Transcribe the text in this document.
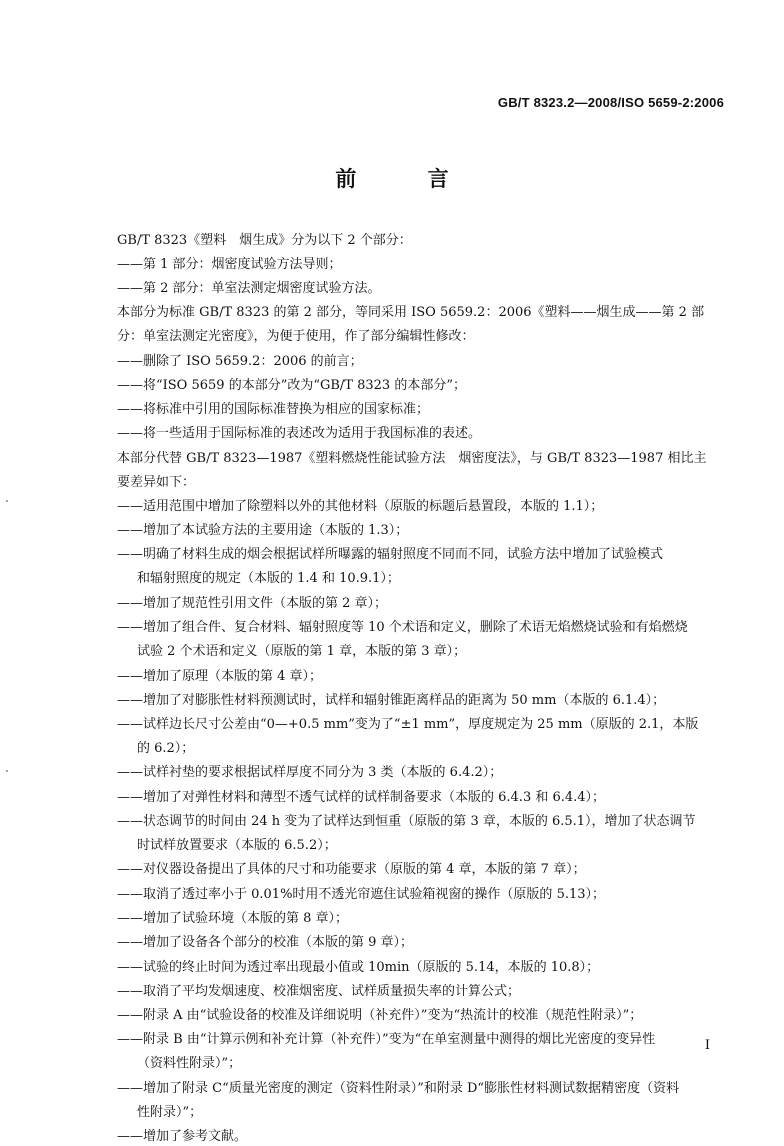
GB/T 8323.2—2008/ISO 5659-2:2006
前 言
GB/T 8323《塑料　烟生成》分为以下 2 个部分：
——第 1 部分：烟密度试验方法导则；
——第 2 部分：单室法测定烟密度试验方法。
本部分为标准 GB/T 8323 的第 2 部分，等同采用 ISO 5659.2：2006《塑料——烟生成——第 2 部
分：单室法测定光密度》，为便于使用，作了部分编辑性修改：
——删除了 ISO 5659.2：2006 的前言；
——将“ISO 5659 的本部分”改为“GB/T 8323 的本部分”；
——将标准中引用的国际标准替换为相应的国家标准；
——将一些适用于国际标准的表述改为适用于我国标准的表述。
本部分代替 GB/T 8323—1987《塑料燃烧性能试验方法　烟密度法》，与 GB/T 8323—1987 相比主
要差异如下：
——适用范围中增加了除塑料以外的其他材料（原版的标题后悬置段，本版的 1.1）；
——增加了本试验方法的主要用途（本版的 1.3）；
——明确了材料生成的烟会根据试样所曝露的辐射照度不同而不同，试验方法中增加了试验模式
和辐射照度的规定（本版的 1.4 和 10.9.1）；
——增加了规范性引用文件（本版的第 2 章）；
——增加了组合件、复合材料、辐射照度等 10 个术语和定义，删除了术语无焰燃烧试验和有焰燃烧
试验 2 个术语和定义（原版的第 1 章，本版的第 3 章）；
——增加了原理（本版的第 4 章）；
——增加了对膨胀性材料预测试时，试样和辐射锥距离样品的距离为 50 mm（本版的 6.1.4）；
——试样边长尺寸公差由“0—+0.5 mm”变为了“±1 mm”，厚度规定为 25 mm（原版的 2.1，本版
的 6.2）；
——试样衬垫的要求根据试样厚度不同分为 3 类（本版的 6.4.2）；
——增加了对弹性材料和薄型不透气试样的试样制备要求（本版的 6.4.3 和 6.4.4）；
——状态调节的时间由 24 h 变为了试样达到恒重（原版的第 3 章，本版的 6.5.1），增加了状态调节
时试样放置要求（本版的 6.5.2）；
——对仪器设备提出了具体的尺寸和功能要求（原版的第 4 章，本版的第 7 章）；
——取消了透过率小于 0.01%时用不透光帘遮住试验箱视窗的操作（原版的 5.13）；
——增加了试验环境（本版的第 8 章）；
——增加了设备各个部分的校准（本版的第 9 章）；
——试验的终止时间为透过率出现最小值或 10min（原版的 5.14，本版的 10.8）；
——取消了平均发烟速度、校准烟密度、试样质量损失率的计算公式；
——附录 A 由“试验设备的校准及详细说明（补充件）”变为“热流计的校准（规范性附录）”；
——附录 B 由“计算示例和补充计算（补充件）”变为“在单室测量中测得的烟比光密度的变异性
（资料性附录）”；
——增加了附录 C“质量光密度的测定（资料性附录）”和附录 D“膨胀性材料测试数据精密度（资料
性附录）”；
——增加了参考文献。
I
